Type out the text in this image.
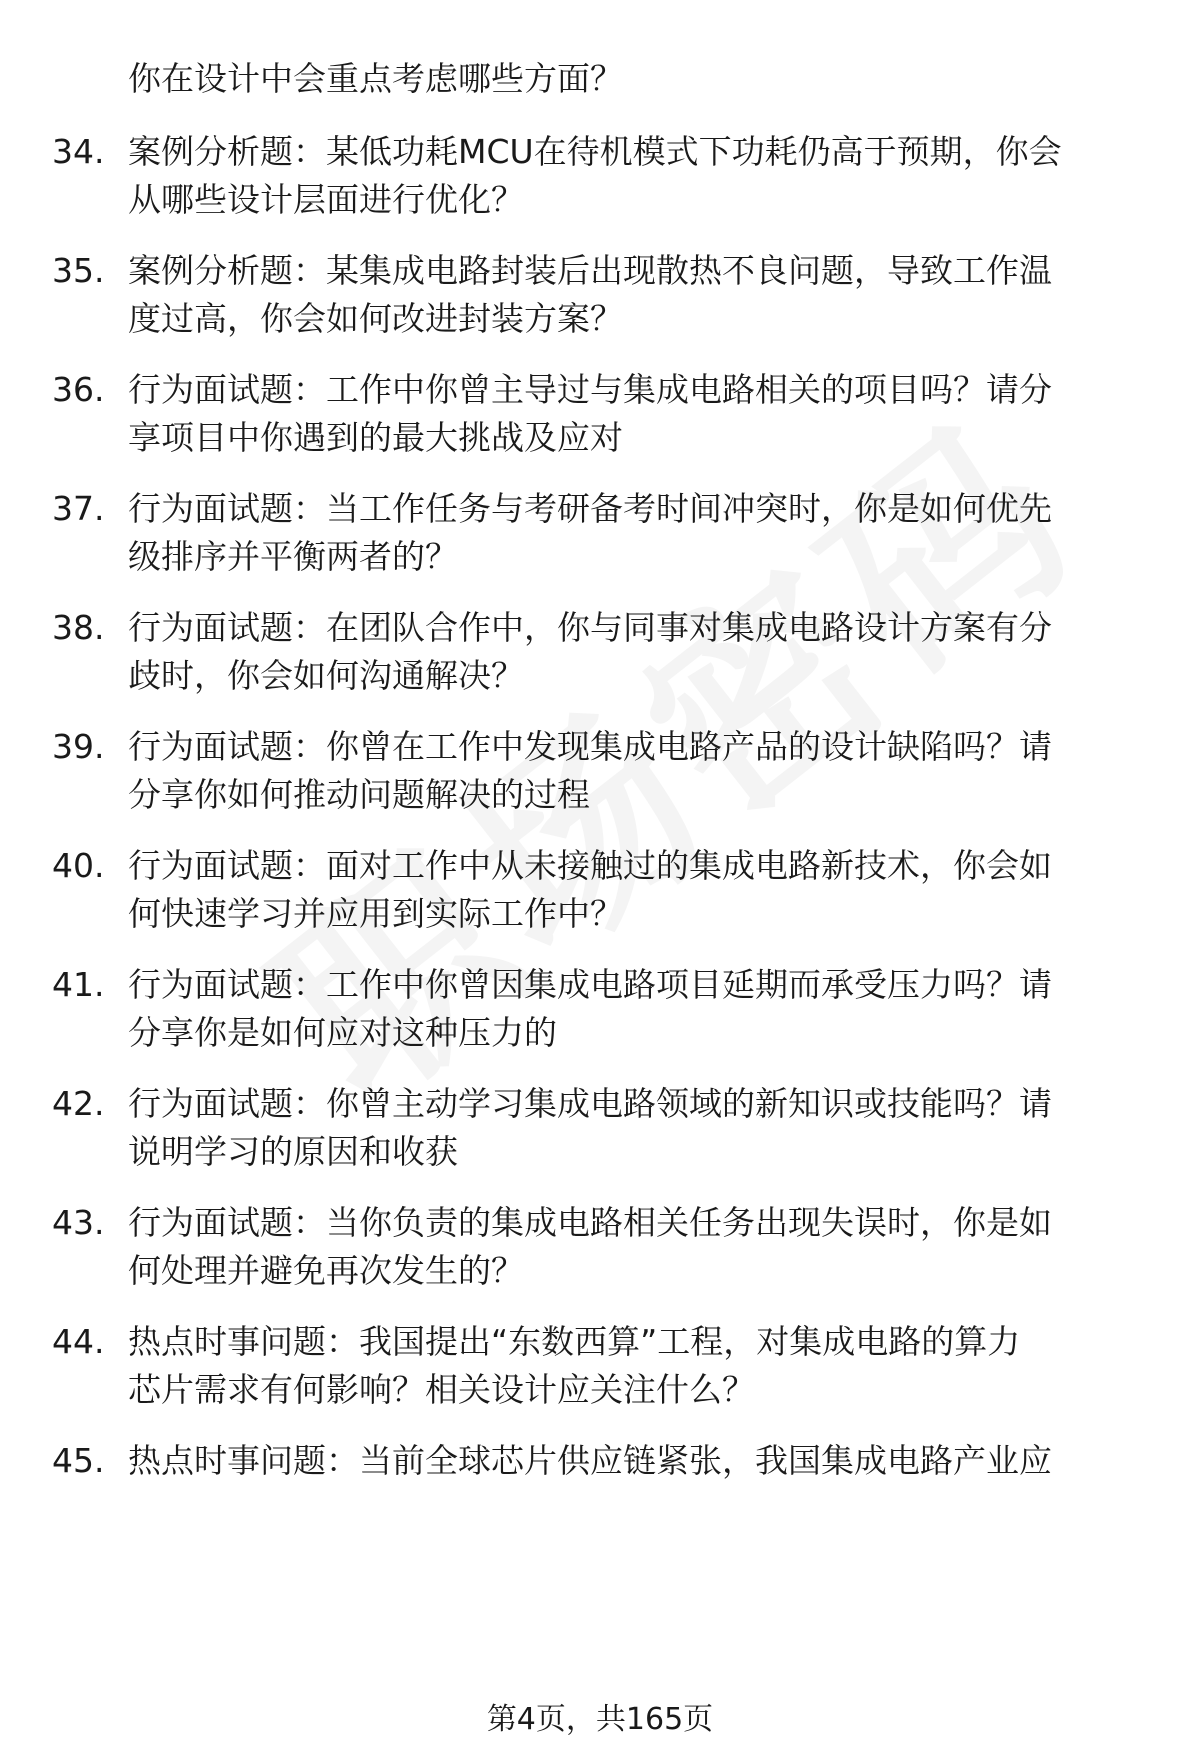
你在设计中会重点考虑哪些方面？
34. 案例分析题：某低功耗MCU在待机模式下功耗仍高于预期，你会
从哪些设计层面进行优化？
35. 案例分析题：某集成电路封装后出现散热不良问题，导致工作温
度过高，你会如何改进封装方案？
36. 行为面试题：工作中你曾主导过与集成电路相关的项目吗？请分
享项目中你遇到的最大挑战及应对
37. 行为面试题：当工作任务与考研备考时间冲突时，你是如何优先
级排序并平衡两者的？
38. 行为面试题：在团队合作中，你与同事对集成电路设计方案有分
歧时，你会如何沟通解决？
39. 行为面试题：你曾在工作中发现集成电路产品的设计缺陷吗？请
分享你如何推动问题解决的过程
40. 行为面试题：面对工作中从未接触过的集成电路新技术，你会如
何快速学习并应用到实际工作中？
41. 行为面试题：工作中你曾因集成电路项目延期而承受压力吗？请
分享你是如何应对这种压力的
42. 行为面试题：你曾主动学习集成电路领域的新知识或技能吗？请
说明学习的原因和收获
43. 行为面试题：当你负责的集成电路相关任务出现失误时，你是如
何处理并避免再次发生的？
44. 热点时事问题：我国提出“东数西算”工程，对集成电路的算力
芯片需求有何影响？相关设计应关注什么？
45. 热点时事问题：当前全球芯片供应链紧张，我国集成电路产业应
第4页，共165页
